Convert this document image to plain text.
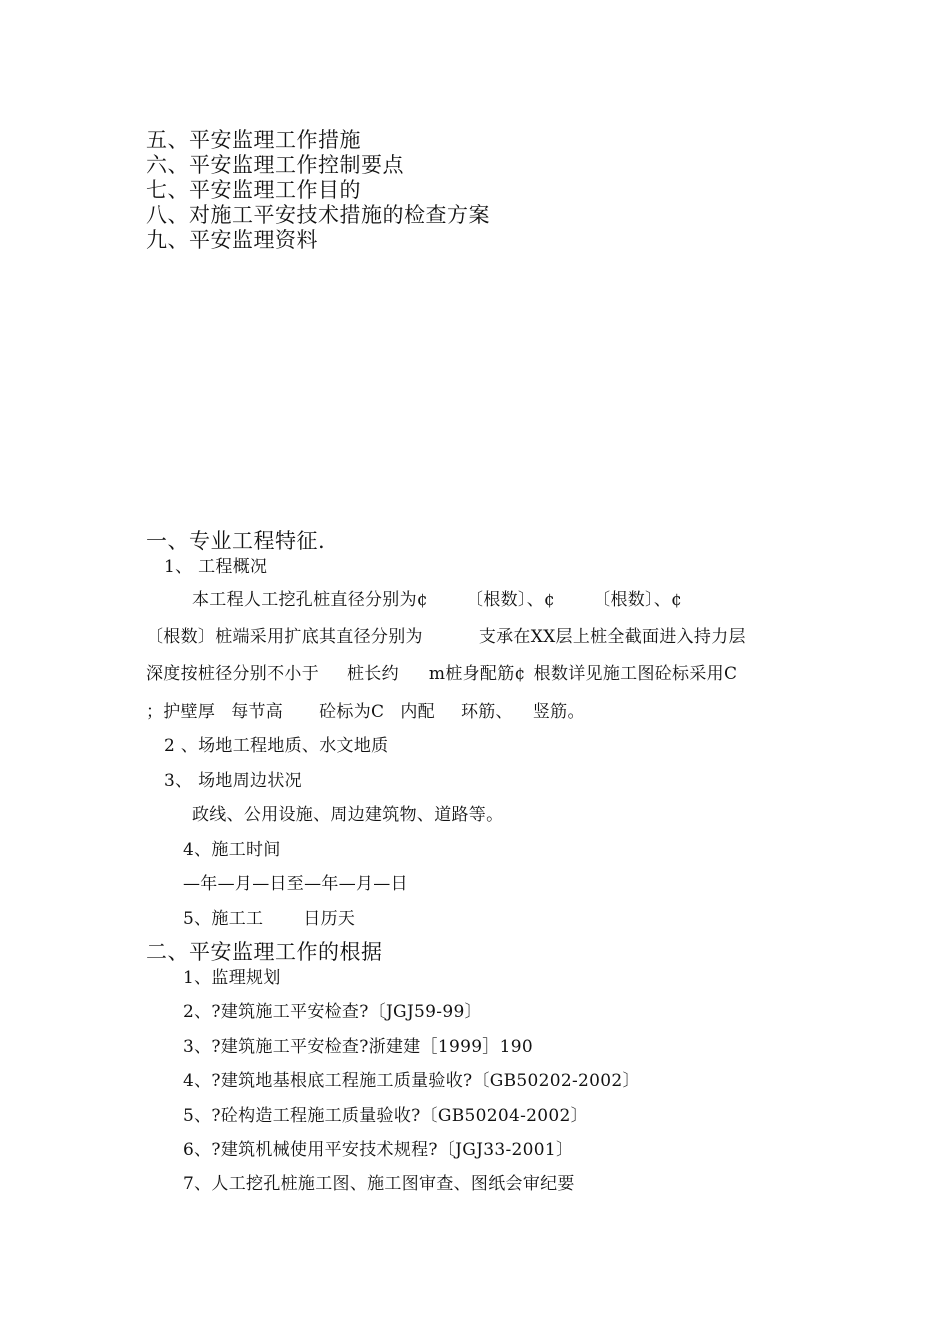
五、平安监理工作措施
六、平安监理工作控制要点
七、平安监理工作目的
八、对施工平安技术措施的检查方案
九、平安监理资料
一、专业工程特征.
1、 工程概况
本工程人工挖孔桩直径分别为¢ 〔根数〕、¢ 〔根数〕、¢
〔根数〕桩端采用扩底其直径分别为	支承在XX层上桩全截面进入持力层
深度按桩径分别不小于 桩长约 m桩身配筋¢ 根数详见施工图砼标采用C
；护壁厚 每节高 砼标为C 内配 环筋、 竖筋。
2 、场地工程地质、水文地质
3、 场地周边状况
政线、公用设施、周边建筑物、道路等。
4、施工时间
—年—月—日至—年—月—日
5、施工工 日历天
二、平安监理工作的根据
1、监理规划
2、?建筑施工平安检查?〔JGJ59-99〕
3、?建筑施工平安检查?浙建建［1999］190
4、?建筑地基根底工程施工质量验收?〔GB50202-2002〕
5、?砼构造工程施工质量验收?〔GB50204-2002〕
6、?建筑机械使用平安技术规程?〔JGJ33-2001〕
7、人工挖孔桩施工图、施工图审查、图纸会审纪要
